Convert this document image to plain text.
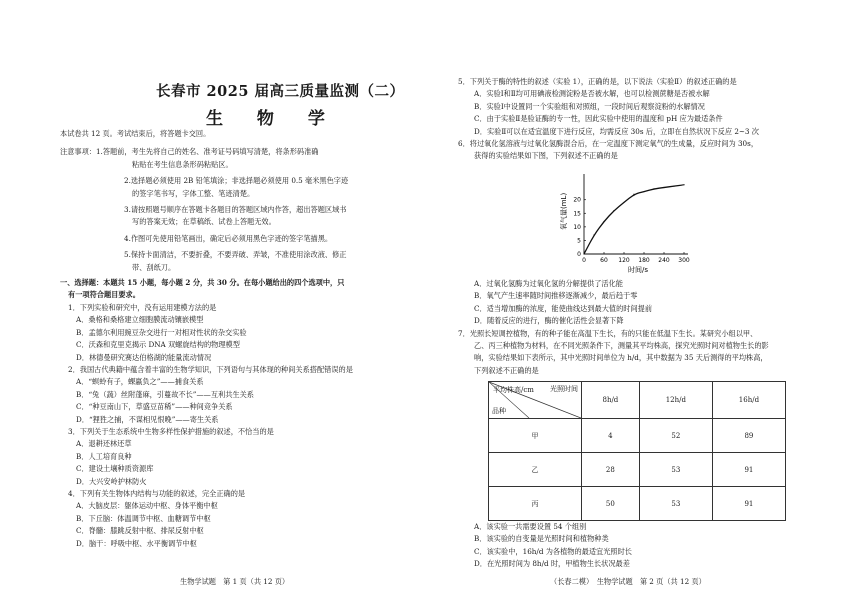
长春市 2025 届高三质量监测（二）
生 物 学
本试卷共 12 页。考试结束后，将答题卡交回。
注意事项：1.答题前，考生先将自己的姓名、准考证号码填写清楚，将条形码准确
粘贴在考生信息条形码粘贴区。
2.选择题必须使用 2B 铅笔填涂；非选择题必须使用 0.5 毫米黑色字迹
的签字笔书写，字体工整、笔迹清楚。
3.请按照题号顺序在答题卡各题目的答题区域内作答，超出答题区域书
写的答案无效；在草稿纸、试卷上答题无效。
4.作图可先使用铅笔画出，确定后必须用黑色字迹的签字笔描黑。
5.保持卡面清洁，不要折叠，不要弄破、弄皱，不准使用涂改液、修正
带、刮纸刀。
一、选择题：本题共 15 小题，每小题 2 分，共 30 分。在每小题给出的四个选项中，只
有一项符合题目要求。
1．下列实验和研究中，没有运用建模方法的是
A．桑格和桑格建立细胞膜流动镶嵌模型
B．孟德尔利用豌豆杂交进行一对相对性状的杂交实验
C．沃森和克里克揭示 DNA 双螺旋结构的物理模型
D．林德曼研究赛达伯格湖的能量流动情况
2．我国古代典籍中蕴含着丰富的生物学知识，下列语句与其体现的种间关系搭配错误的是
A．“螟蛉有子，蜾蠃负之”——捕食关系
B．“兔（蔬）丝附蓬麻，引蔓故不长”——互利共生关系
C．“种豆南山下，草盛豆苗稀”——种间竞争关系
D．“狸狌之捕，不谋相见恨晚”——寄生关系
3．下列关于生态系统中生物多样性保护措施的叙述，不恰当的是
A．退耕还林还草
B．人工培育良种
C．建设土壤种质资源库
D．大兴安岭护林防火
4．下列有关生物体内结构与功能的叙述，完全正确的是
A．大脑皮层：躯体运动中枢、身体平衡中枢
B．下丘脑：体温调节中枢、血糖调节中枢
C．脊髓：膝跳反射中枢、排尿反射中枢
D．脑干：呼吸中枢、水平衡调节中枢
生物学试题　第 1 页（共 12 页）
5．下列关于酶的特性的叙述（实验 1），正确的是，以下说法（实验Ⅱ）的叙述正确的是
A．实验Ⅰ和Ⅱ均可用碘液检测淀粉是否被水解，也可以检测蔗糖是否被水解
B．实验Ⅰ中设置同一个实验组和对照组，一段时间后观察淀粉的水解情况
C．由于实验Ⅱ是验证酶的专一性，因此实验中使用的温度和 pH 应为最适条件
D．实验Ⅱ可以在适宜温度下进行反应，均需反应 30s 后，立即在自然状况下反应 2~3 次
6．将过氧化氢溶液与过氧化氢酶混合后，在一定温度下测定氧气的生成量，反应时间为 30s，
获得的实验结果如下图，下列叙述不正确的是
0 60 120 180 240 300
0
5
10
15
20
氧气量(mL)
时间/s
A．过氧化氢酶为过氧化氢的分解提供了活化能
B．氧气产生速率随时间推移逐渐减少，最后趋于零
C．适当增加酶的浓度，能使曲线达到最大值的时间提前
D．随着反应的进行，酶的催化活性会显著下降
7．光照长短调控植物，有的种子能在高温下生长，有的只能在低温下生长。某研究小组以甲、
乙、丙三种植物为材料，在不同光照条件下，测量其平均株高，探究光照时间对植物生长的影
响，实验结果如下表所示，其中光照时间单位为 h/d，其中数据为 35 天后测得的平均株高，
下列叙述不正确的是
光照时间
平均株高/cm
品种	8h/d	12h/d	16h/d
甲	4	52	89
乙	28	53	91
丙	50	53	91
A．该实验一共需要设置 54 个组别
B．该实验的自变量是光照时间和植物种类
C．该实验中，16h/d 为各植物的最适宜光照时长
D．在光照时间为 8h/d 时，甲植物生长状况最差
（长春二模）　生物学试题　第 2 页（共 12 页）
